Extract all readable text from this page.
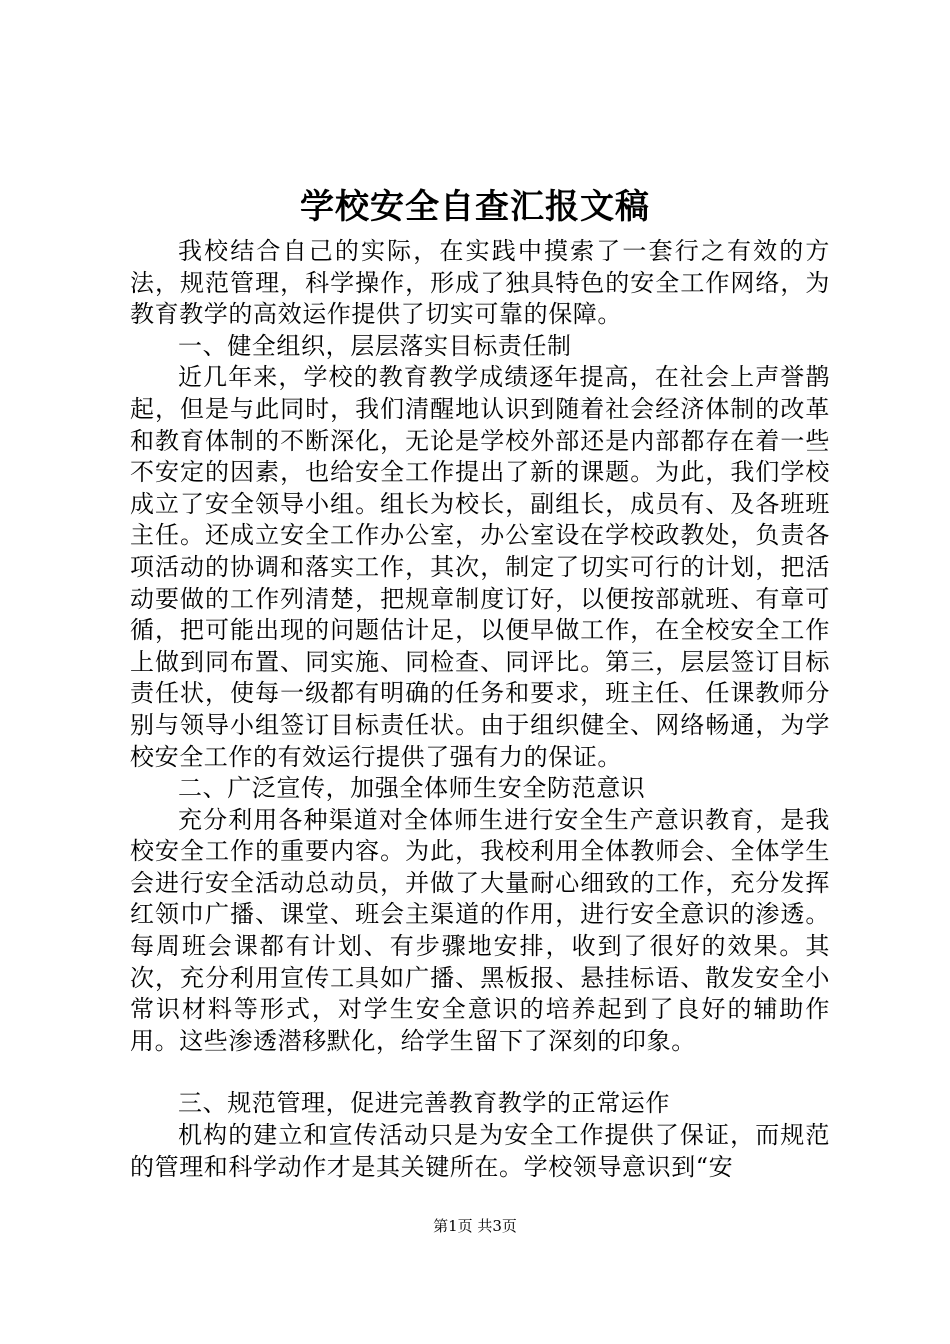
学校安全自查汇报文稿

我校结合自己的实际，在实践中摸索了一套行之有效的方法，规范管理，科学操作，形成了独具特色的安全工作网络，为教育教学的高效运作提供了切实可靠的保障。

一、健全组织，层层落实目标责任制

近几年来，学校的教育教学成绩逐年提高，在社会上声誉鹊起，但是与此同时，我们清醒地认识到随着社会经济体制的改革和教育体制的不断深化，无论是学校外部还是内部都存在着一些不安定的因素，也给安全工作提出了新的课题。为此，我们学校成立了安全领导小组。组长为校长，副组长，成员有、及各班班主任。还成立安全工作办公室，办公室设在学校政教处，负责各项活动的协调和落实工作，其次，制定了切实可行的计划，把活动要做的工作列清楚，把规章制度订好，以便按部就班、有章可循，把可能出现的问题估计足，以便早做工作，在全校安全工作上做到同布置、同实施、同检查、同评比。第三，层层签订目标责任状，使每一级都有明确的任务和要求，班主任、任课教师分别与领导小组签订目标责任状。由于组织健全、网络畅通，为学校安全工作的有效运行提供了强有力的保证。

二、广泛宣传，加强全体师生安全防范意识

充分利用各种渠道对全体师生进行安全生产意识教育，是我校安全工作的重要内容。为此，我校利用全体教师会、全体学生会进行安全活动总动员，并做了大量耐心细致的工作，充分发挥红领巾广播、课堂、班会主渠道的作用，进行安全意识的渗透。每周班会课都有计划、有步骤地安排，收到了很好的效果。其次，充分利用宣传工具如广播、黑板报、悬挂标语、散发安全小常识材料等形式，对学生安全意识的培养起到了良好的辅助作用。这些渗透潜移默化，给学生留下了深刻的印象。

三、规范管理，促进完善教育教学的正常运作

机构的建立和宣传活动只是为安全工作提供了保证，而规范的管理和科学动作才是其关键所在。学校领导意识到“安

第1页 共3页
